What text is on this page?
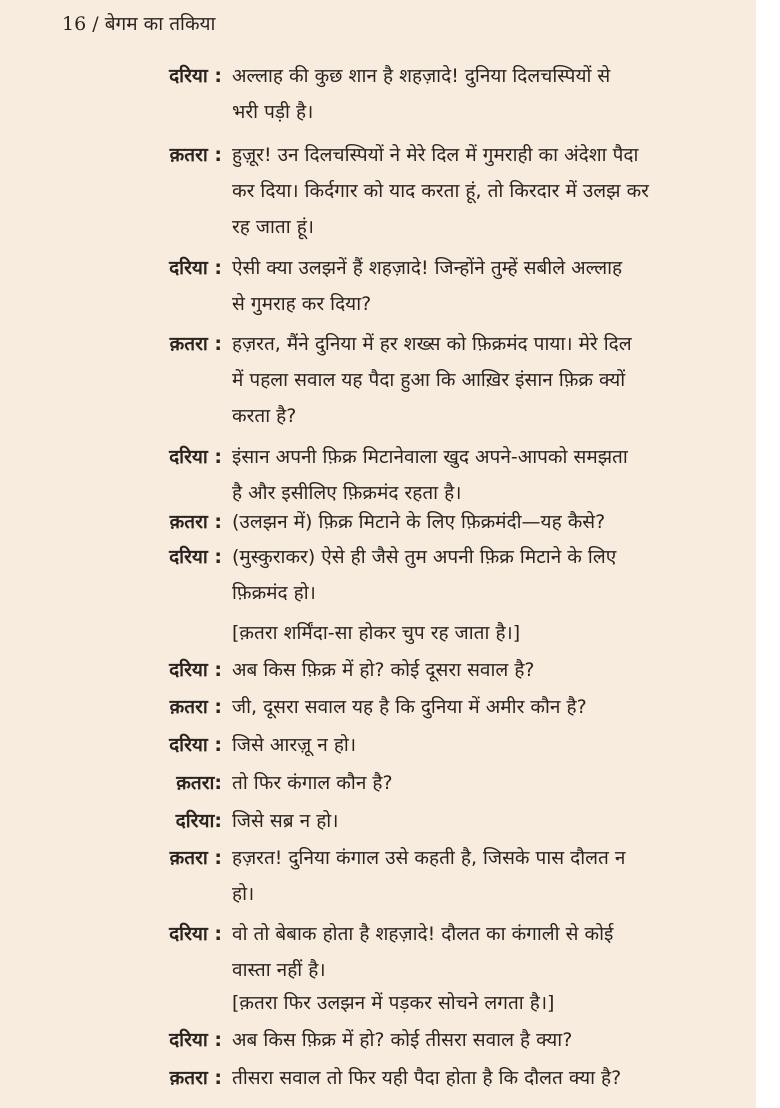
16 / बेगम का तकिया
दरिया : अल्लाह की कुछ शान है शहज़ादे! दुनिया दिलचस्पियों से
भरी पड़ी है।
क़तरा : हुज़ूर! उन दिलचस्पियों ने मेरे दिल में गुमराही का अंदेशा पैदा
कर दिया। किर्दगार को याद करता हूं, तो किरदार में उलझ कर
रह जाता हूं।
दरिया : ऐसी क्या उलझनें हैं शहज़ादे! जिन्होंने तुम्हें सबीले अल्लाह
से गुमराह कर दिया?
क़तरा : हज़रत, मैंने दुनिया में हर शख्स को फ़िक्रमंद पाया। मेरे दिल
में पहला सवाल यह पैदा हुआ कि आख़िर इंसान फ़िक्र क्यों
करता है?
दरिया : इंसान अपनी फ़िक्र मिटानेवाला खुद अपने-आपको समझता
है और इसीलिए फ़िक्रमंद रहता है।
क़तरा : (उलझन में) फ़िक्र मिटाने के लिए फ़िक्रमंदी—यह कैसे?
दरिया : (मुस्कुराकर) ऐसे ही जैसे तुम अपनी फ़िक्र मिटाने के लिए
फ़िक्रमंद हो।
[क़तरा शर्मिंदा-सा होकर चुप रह जाता है।]
दरिया : अब किस फ़िक्र में हो? कोई दूसरा सवाल है?
क़तरा : जी, दूसरा सवाल यह है कि दुनिया में अमीर कौन है?
दरिया : जिसे आरज़ू न हो।
क़तरा: तो फिर कंगाल कौन है?
दरिया: जिसे सब्र न हो।
क़तरा : हज़रत! दुनिया कंगाल उसे कहती है, जिसके पास दौलत न
हो।
दरिया : वो तो बेबाक होता है शहज़ादे! दौलत का कंगाली से कोई
वास्ता नहीं है।
[क़तरा फिर उलझन में पड़कर सोचने लगता है।]
दरिया : अब किस फ़िक्र में हो? कोई तीसरा सवाल है क्या?
क़तरा : तीसरा सवाल तो फिर यही पैदा होता है कि दौलत क्या है?
